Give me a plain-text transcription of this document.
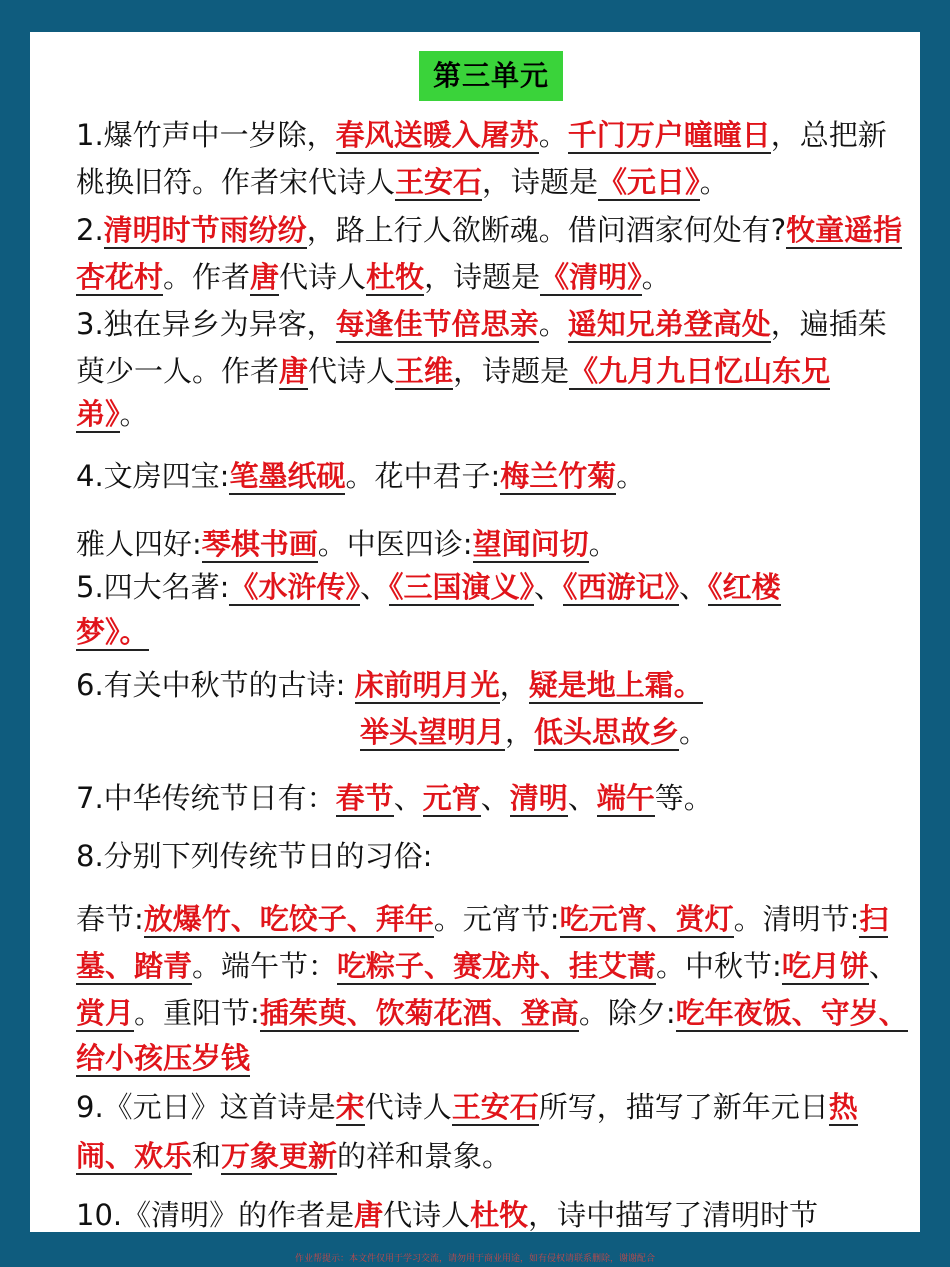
第三单元
1.爆竹声中一岁除，春风送暖入屠苏。千门万户曈曈日，总把新
桃换旧符。作者宋代诗人王安石，诗题是《元日》。
2.清明时节雨纷纷，路上行人欲断魂。借问酒家何处有?牧童遥指
杏花村。作者唐代诗人杜牧，诗题是《清明》。
3.独在异乡为异客，每逢佳节倍思亲。遥知兄弟登高处，遍插茱
萸少一人。作者唐代诗人王维，诗题是《九月九日忆山东兄
弟》。
4.文房四宝:笔墨纸砚。花中君子:梅兰竹菊。
雅人四好:琴棋书画。中医四诊:望闻问切。
5.四大名著:《水浒传》、《三国演义》、《西游记》、《红楼
梦》。
6.有关中秋节的古诗: 床前明月光，疑是地上霜。
举头望明月，低头思故乡。
7.中华传统节日有：春节、元宵、清明、端午等。
8.分别下列传统节日的习俗:
春节:放爆竹、吃饺子、拜年。元宵节:吃元宵、赏灯。清明节:扫
墓、踏青。端午节：吃粽子、赛龙舟、挂艾蒿。中秋节:吃月饼、
赏月。重阳节:插茱萸、饮菊花酒、登高。除夕:吃年夜饭、守岁、
给小孩压岁钱
9.《元日》这首诗是宋代诗人王安石所写，描写了新年元日热
闹、欢乐和万象更新的祥和景象。
10.《清明》的作者是唐代诗人杜牧，诗中描写了清明时节
作业帮提示：本文件仅用于学习交流，请勿用于商业用途，如有侵权请联系删除，谢谢配合
